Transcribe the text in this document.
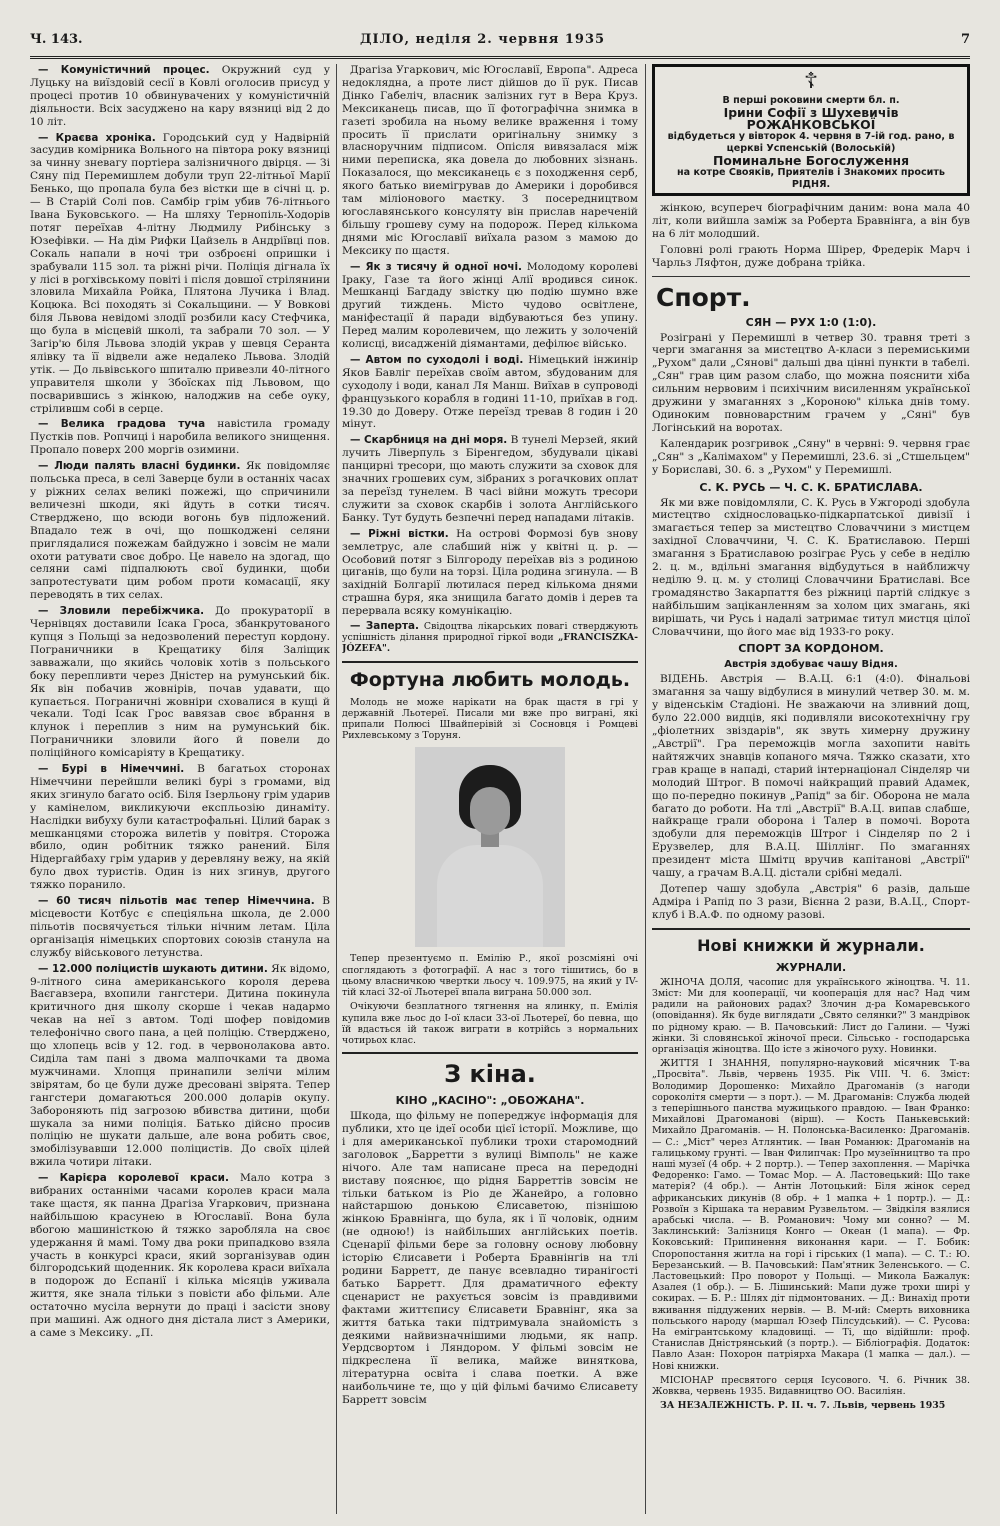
Ч. 143.	ДІЛО, неділя 2. червня 1935	7

— Комуністичний процес. Окружний суд у Луцьку на виїздовій сесії в Ковлі оголосив присуд у процесі против 10 обвинувачених у комуністичній діяльности. Всіх засуджено на кару вязниці від 2 до 10 літ.

— Краєва хроніка. Городський суд у Надвірній засудив комірника Вольного на півтора року вязниці за чинну зневагу портіера залізничного двірця. — Зі Сяну під Перемишлем добули труп 22-літньої Марії Бенько, що пропала була без вістки ще в січні ц. р. — В Старій Солі пов. Самбір грім убив 76-літнього Івана Буковського. — На шляху Тернопіль-Ходорів потяг переїхав 4-літну Людмилу Рибінську з Юзефівки. — На дім Рифки Цайзель в Андріївці пов. Сокаль напали в ночі три озброєні опришки і зрабували 115 зол. та ріжні річи. Поліція дігнала їх у лісі в рогхівському повіті і після довшої стрілянини зловила Михайла Ройка, Плятона Лучика і Влад. Коцюка. Всі походять зі Сокальщини. — У Вовкові біля Львова невідомі злодії розбили касу Стефчика, що була в місцевій школі, та забрали 70 зол. — У Загір'ю біля Львова злодій украв у шевця Серанта ялівку та її відвели аже недалеко Львова. Злодій утік. — До львівського шпиталю привезли 40-літного управителя школи у Збоїсках під Львовом, що посварившись з жінкою, налоджив на себе оуку, стрілившм собі в серце.

— Велика градова туча навістила громаду Пустків пов. Ропчиці і наробила великого знищення. Пропало поверх 200 моргів озимини.

— Люди палять власні будинки. Як повідомляє польська преса, в селі Заверце були в останніх часах у ріжних селах великі пожежі, що спричинили величезні шкоди, які йдуть в сотки тисяч. Стверджено, що всюди вогонь був підложений. Впадало теж в очі, що пошкоджені селяни приглядалися пожежам байдужно і зовсім не мали охоти ратувати своє добро. Це навело на здогад, що селяни самі підпалюють свої будинки, щоби запротестувати цим робом проти комасації, яку переводять в тих селах.

— Зловили перебіжчика. До прокураторії в Чернівцях доставили Ісака Гроса, збанкрутованого купця з Польщі за недозволений переступ кордону. Пограничники в Крещатику біля Заліщик завважали, що якийсь чоловік хотів з польського боку перепливти через Дністер на румунський бік. Як він побачив жовнірів, почав удавати, що купається. Пограничні жовніри сховалися в кущі й чекали. Тоді Ісак Грос вавязав своє вбрання в клунок і переплив з ним на румунський бік. Пограничники зловили його й повели до поліційного комісаріяту в Крещатику.

— Бурі в Німеччині. В багатьох сторонах Німеччини перейшли великі бурі з громами, від яких згинуло багато осіб. Біля Ізерльону грім ударив у камінелом, викликуючи експльозію динаміту. Наслідки вибуху були катастрофальні. Цілий барак з мешканцями сторожа вилетів у повітря. Сторожа вбило, один робітник тяжко ранений. Біля Нідергайбаху грім ударив у деревляну вежу, на якій було двох туристів. Один із них згинув, другого тяжко поранило.

— 60 тисяч пільотів має тепер Німеччина. В місцевости Котбус є спеціяльна школа, де 2.000 пільотів посвячується тільки нічним летам. Ціла організація німецьких спортових союзів станула на службу військового летунства.

— 12.000 поліцистів шукають дитини. Як відомо, 9-літного сина американського короля дерева Ваєгавзера, вхопили гангстери. Дитина покинула критичного дня школу скорше і чекав надармо чекав на неї з автом. Тоді шофер повідомив телефонічно свого пана, а цей поліцію. Стверджено, що хлопець всів у 12. год. в червонолакова авто. Сиділа там пані з двома малпочками та двома мужчинами. Хлопця принапили зелічи мілим звірятам, бо це були дуже дресовані звірята. Тепер гангстери домагаються 200.000 доларів окупу. Забороняють під загрозою вбивства дитини, щоби шукала за ними поліція. Батько дійсно просив поліцію не шукати дальше, але вона робить своє, змобілізувавши 12.000 поліцистів. До своїх цілей вжила чотири літаки.

— Карієра королевої краси. Мало котра з вибраних останніми часами королев краси мала таке щастя, як панна Драгіза Угаркович, признана найбільшою красунею в Югославії. Вона була вбогою машиністкою й тяжко заробляла на своє удержання й мамі. Тому два роки припадково взяла участь в конкурсі краси, який зорганізував один білгородський щоденник. Як королева краси виїхала в подорож до Еспанії і кілька місяців уживала життя, яке знала тільки з повісти або фільми. Але остаточно мусіла вернути до праці і засісти знову при машині. Аж одного дня дістала лист з Америки, а саме з Мексику. „П.

Драгіза Угаркович, міс Югославії, Европа". Адреса недоклядна, а проте лист дійшов до її рук. Писав Дінко Габеліч, власник залізних гут в Вера Круз. Мексиканець писав, що її фотографічна знимка в газеті зробила на ньому велике враження і тому просить її прислати оригінальну знимку з власноручним підписом. Опісля вивязалася між ними переписка, яка довела до любовних зізнань. Показалося, що мексиканець є з походження серб, якого батько виемігрував до Америки і доробився там міліонового маєтку. З посередництвом югославянського консуляту він прислав нареченій більшу грошеву суму на подорож. Перед кількома днями міс Югославії виїхала разом з мамою до Мексику по щастя.

— Як з тисячу й одної ночі. Молодому королеві Іраку, Газе та його жінці Алії вродився синок. Мешканці Багдаду звістку цю подію шумно вже другий тиждень. Місто чудово освітлене, маніфестації й паради відбуваються без упину. Перед малим королевичем, що лежить у золоченій колисці, висадженій діямантами, дефілює військо.

— Автом по суходолі і воді. Німецький інжинір Яков Бавліг переїхав своїм автом, збудованим для суходолу і води, канал Ля Манш. Виїхав в супроводі французького корабля в годині 11-10, приїхав в год. 19.30 до Доверу. Отже переїзд тревав 8 годин і 20 мінут.

— Скарбниця на дні моря. В тунелі Мерзей, який лучить Ліверпуль з Біренгедом, збудували цікаві панцирні тресори, що мають служити за сховок для значних грошевих сум, зібраних з рогачкових оплат за переїзд тунелем. В часі війни можуть тресори служити за сховок скарбів і золота Англійського Банку. Тут будуть безпечні перед нападами літаків.

— Ріжні вістки. На острові Формозі був знову землетрус, але слабший ніж у квітні ц. р. — Особовий потяг з Білгороду переїхав віз з родиною циганів, що були на торзі. Ціла родина згинула. — В західній Болгарії лютилася перед кількома днями страшна буря, яка знищила багато домів і дерев та перервала всяку комунікацію.

— Заперта. Свідоцтва лікарських повагі стверджують успішність ділання природної гіркої води „FRANCISZKA-JÓZEFA".

Фортуна любить молодь.

Молодь не може нарікати на брак щастя в грі у державній Льотереї. Писали ми вже про виграні, які припали Полюсі Швайперівій зі Сосновця і Ромцеві Рихлевському з Торуня.

Тепер презентуємо п. Емілію Р., якої розсміяні очі споглядають з фотографії. А нас з того тішитись, бо в цьому власничкою чвертки льосу ч. 109.975, на який у IV-тій класі 32-ої Льотереї впала виграна 50.000 зол.

Очікуючи безплатного тягнення на ялинку, п. Емілія купила вже льос до I-ої класи 33-ої Льотереї, бо певна, що їй вдасться ій також виграти в котрійсь з нормальних чотирьох клас.

З кіна.
КІНО „КАСІНО": „ОБОЖАНА".

Шкода, що фільму не попереджує інформація для публики, хто це ідеї особи цієї історії. Можливе, що і для американської публики трохи старомодний заголовок „Барретти з вулиці Вімполь" не каже нічого. Але там написане преса на передодні виставу пояснює, що рідня Барреттів зовсім не тільки батьком із Ріо де Жанейро, а головно найстаршою донькою Єлисаветою, пізнішою жінкою Бравнінга, що була, як і її чоловік, одним (не одною!) із найбільших англійських поетів. Сценарії фільми бере за головну основу любовну історію Єлисавети і Роберта Бравнінгів на тлі родини Барретт, де панує всевладно тиранігості батько Барретт. Для драматичного ефекту сценарист не рахується зовсім із правдивими фактами життєпису Єлисавети Бравнінг, яка за життя батька таки підтримувала знайомість з деякими найвизначнішими людьми, як напр. Уердсвортом і Ляндором. У фільмі зовсім не підкреслена її велика, майже виняткова, літературна освіта і слава поетки. А вже наибольчине те, що у цій фільмі бачимо Єлисавету Барретт зовсім

☦

В перші роковини смерти бл. п.

Ірини Софії з Шухевичів РОЖАНКОВСЬКОЇ

відбудеться у вівторок 4. червня в 7-ій год. рано, в церкві Успенській (Волоській)

Поминальне Богослуження

на котре Свояків, Приятелів і Знакомих просить РІДНЯ.

жінкою, всупереч біографічним даним: вона мала 40 літ, коли вийшла заміж за Роберта Бравнінга, а він був на 6 літ молодший.

Головні ролі грають Норма Шірер, Фредерік Марч і Чарльз Ляфтон, дуже добрана трійка.

Спорт.
СЯН — РУХ 1:0 (1:0).

Розіграні у Перемишлі в четвер 30. травня треті з черги змагання за мистецтво А-класи з перемиськими „Рухом" дали „Сянові" дальші два цінні пункти в табелі. „Сян" грав цим разом слабо, що можна пояснити хіба сильним нервовим і психічним висиленням української дружини у змаганнях з „Короною" кілька днів тому. Одиноким повноварстним грачем у „Сяні" був Логінський на воротах.

Календарик розгривок „Сяну" в червні: 9. червня грає „Сян" з „Калімахом" у Перемишлі, 23.6. зі „Стшельцем" у Бориславі, 30. 6. з „Рухом" у Перемишлі.

С. К. РУСЬ — Ч. С. К. БРАТИСЛАВА.

Як ми вже повідомляли, С. К. Русь в Ужгороді здобула мистецтво східнословацько-підкарпатської дивізії і змагається тепер за мистецтво Словаччини з мистцем західної Словаччини, Ч. С. К. Братиславою. Перші змагання з Братиславою розіграє Русь у себе в неділю 2. ц. м., вдільні змагання відбудуться в найближчу неділю 9. ц. м. у столиці Словаччини Братиславі. Все громадянство Закарпаття без ріжниці партій слідкує з найбільшим заціканленням за холом цих змагань, які вирішать, чи Русь і надалі затримає титул мистця цілої Словаччини, що його має від 1933-го року.

СПОРТ ЗА КОРДОНОМ.
Австрія здобуває чашу Відня.

ВІДЕНЬ. Австрія — В.А.Ц. 6:1 (4:0). Фінальові змагання за чашу відбулися в минулий четвер 30. м. м. у віденськім Стадіоні. Не зважаючи на зливний дощ, було 22.000 видців, які подивляли високотехнічну гру „фіолетних звіздарів", як звуть химерну дружину „Австрії". Гра переможців могла захопити навіть найтяжчих знавців копаного мяча. Тяжко сказати, хто грав краще в нападі, старий інтернаціонал Сінделяр чи молодий Штрог. В помочі найкращий правий Адамек, що по-передно покинув „Рапід" за біг. Оборона не мала багато до роботи. На тлі „Австрії" В.А.Ц. випав слабше, найкраще грали оборона і Талер в помочі. Ворота здобули для переможців Штрог і Сінделяр по 2 і Ерузвелер, для В.А.Ц. Шіллінг. По змаганнях президент міста Шмітц вручив капітанові „Австрії" чашу, а грачам В.А.Ц. дістали срібні медалі.

Дотепер чашу здобула „Австрія" 6 разів, дальше Адміра і Рапід по 3 рази, Вієнна 2 рази, В.А.Ц., Спорт-клуб і В.А.Ф. по одному разові.

Нові книжки й журнали.
ЖУРНАЛИ.

ЖІНОЧА ДОЛЯ, часопис для українського жіноцтва. Ч. 11. Зміст: Ми для кооперації, чи кооперація для нас? Над чим радили на районових радах? Злочин д-ра Комаревського (оповідання). Як буде виглядати „Свято селянки?" З мандрівок по рідному краю. — В. Пачовський: Лист до Галини. — Чужі жінки. Зі словянської жіночої преси. Сільсько - господарська організація жіноцтва. Що істе з жіночого руху. Новинки.

ЖИТТЯ І ЗНАННЯ, популярно-науковий місячник Т-ва „Просвіта". Львів, червень 1935. Рік VIII. Ч. 6. Зміст: Володимир Дорошенко: Михайло Драгоманів (з нагоди сороколітя смерти — з порт.). — М. Драгоманів: Служба людей з теперішнього панства мужицького правдою. — Іван Франко: Михайлові Драгоманові (вірш). — Кость Панькевський: Михайло Драгоманів. — Н. Полонська-Василенко: Драгоманів. — С.: „Міст" через Атлянтик. — Іван Романюк: Драгоманів на галицькому грунті. — Іван Филипчак: Про музеїнництво та про наші музеї (4 обр. + 2 портр.). — Тепер захоплення. — Марічка Федоренко: Гамо. — Томас Мор. — А. Ластовецький: Що таке матерія? (4 обр.). — Антін Лотоцький: Біля жінок серед африканських дикунів (8 обр. + 1 мапка + 1 портр.). — Д.: Розвоїн з Кіршака та неравим Рузвельтом. — Звідкіля взялися арабські числа. — В. Романович: Чому ми сонно? — М. Заклинський: Залізниця Конго — Океан (1 мапа). — Фр. Коковський: Припинення виконання кари. — Г. Бобик: Споропостання житла на горі і гірських (1 мапа). — С. Т.: Ю. Березанський. — В. Пачовський: Пам'ятник Зеленського. — С. Ластовецький: Про поворот у Польщі. — Микола Бажалук: Азалея (1 обр.). — Б. Лішинський: Мапи дуже трохи ширі у сокирах. — Б. Р.: Шлях діт підмонтованих. — Д.: Винахід проти вживання піддужених нервів. — В. М-ий: Смерть виховника польського народу (маршал Юзеф Пілсудський). — С. Русова: На емігрантському кладовищі. — Ті, що відійшли: проф. Станислав Дністрянський (з портр.). — Бібліографія. Додаток: Павло Азан: Похорон патріярха Макара (1 мапка — дал.). — Нові книжки.

МІСІОНАР пресвятого серця Ісусового. Ч. 6. Річник 38. Жовква, червень 1935. Видавництво ОО. Василіян.

ЗА НЕЗАЛЕЖНІСТЬ. Р. II. ч. 7. Львів, червень 1935
